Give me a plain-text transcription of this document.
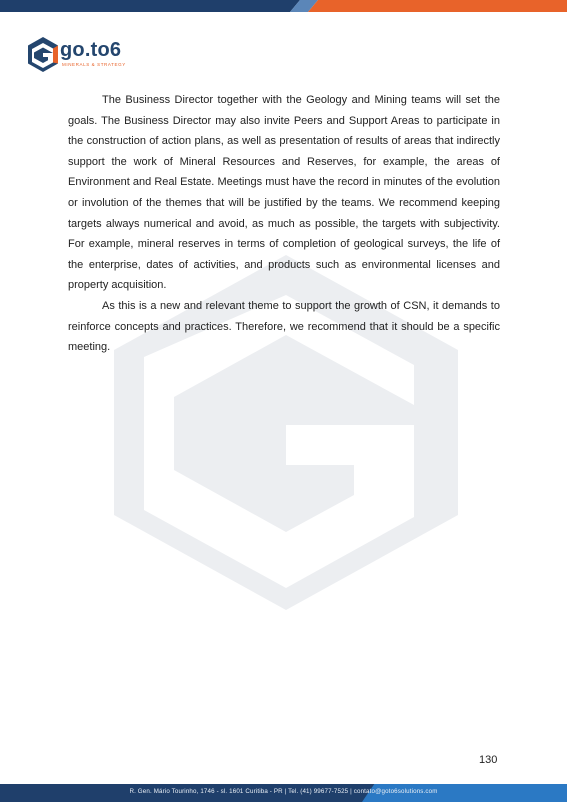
go.to6
MINERALS & STRATEGY

The Business Director together with the Geology and Mining teams will set the goals. The Business Director may also invite Peers and Support Areas to participate in the construction of action plans, as well as presentation of results of areas that indirectly support the work of Mineral Resources and Reserves, for example, the areas of Environment and Real Estate. Meetings must have the record in minutes of the evolution or involution of the themes that will be justified by the teams. We recommend keeping targets always numerical and avoid, as much as possible, the targets with subjectivity. For example, mineral reserves in terms of completion of geological surveys, the life of the enterprise, dates of activities, and products such as environmental licenses and property acquisition.

As this is a new and relevant theme to support the growth of CSN, it demands to reinforce concepts and practices. Therefore, we recommend that it should be a specific meeting.

130
R. Gen. Mário Tourinho, 1746 - sl. 1601 Curitiba - PR | Tel. (41) 99677-7525 | contato@goto6solutions.com
